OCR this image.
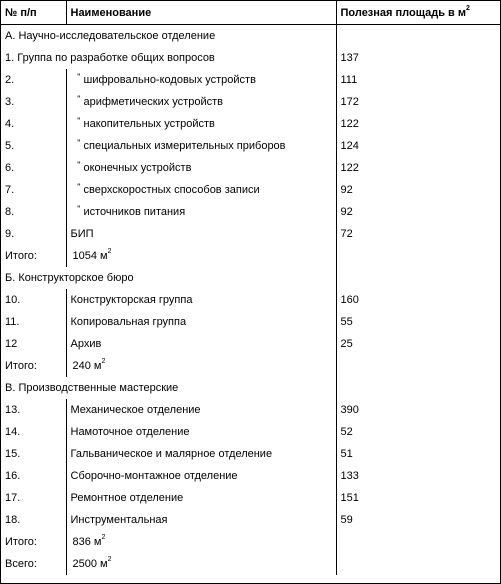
№ п/п	Наименование	Полезная площадь в $м^2$
А. Научно-исследовательское отделение		
1. Группа по разработке общих вопросов		137
2.	" шифровально-кодовых устройств	111
3.	" арифметических устройств	172
4.	" накопительных устройств	122
5.	" специальных измерительных приборов	124
6.	" оконечных устройств	122
7.	" сверхскоростных способов записи	92
8.	" источников питания	92
9.	БИП	72
Итого:	1054 $м^2$	
Б. Конструкторское бюро		
10.	Конструкторская группа	160
11.	Копировальная группа	55
12	Архив	25
Итого:	240 $м^2$	
В. Производственные мастерские		
13.	Механическое отделение	390
14.	Намоточное отделение	52
15.	Гальваническое и малярное отделение	51
16.	Сборочно-монтажное отделение	133
17.	Ремонтное отделение	151
18.	Инструментальная	59
Итого:	836 $м^2$	
Всего:	2500 $м^2$	
